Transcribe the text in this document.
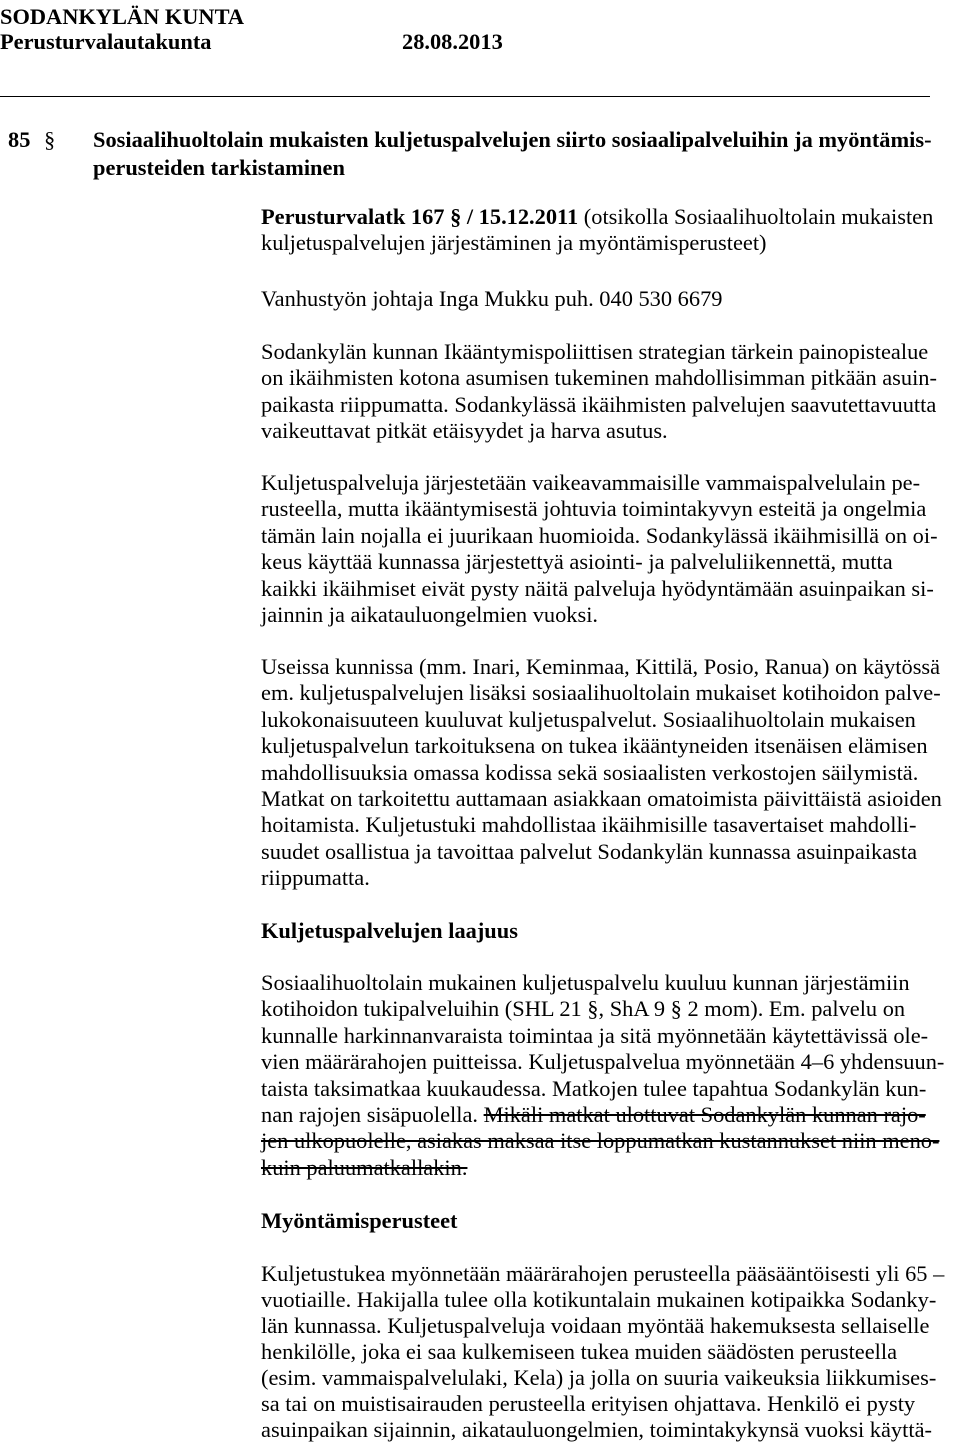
SODANKYLÄN KUNTA
Perusturvalautakunta	28.08.2013
85 § Sosiaalihuoltolain mukaisten kuljetuspalvelujen siirto sosiaalipalveluihin ja myöntämis-
perusteiden tarkistaminen
Perusturvalatk 167 § / 15.12.2011 (otsikolla Sosiaalihuoltolain mukaisten
kuljetuspalvelujen järjestäminen ja myöntämisperusteet)
Vanhustyön johtaja Inga Mukku puh. 040 530 6679
Sodankylän kunnan Ikääntymispoliittisen strategian tärkein painopistealue
on ikäihmisten kotona asumisen tukeminen mahdollisimman pitkään asuin-
paikasta riippumatta. Sodankylässä ikäihmisten palvelujen saavutettavuutta
vaikeuttavat pitkät etäisyydet ja harva asutus.
Kuljetuspalveluja järjestetään vaikeavammaisille vammaispalvelulain pe-
rusteella, mutta ikääntymisestä johtuvia toimintakyvyn esteitä ja ongelmia
tämän lain nojalla ei juurikaan huomioida. Sodankylässä ikäihmisillä on oi-
keus käyttää kunnassa järjestettyä asiointi- ja palveluliikennettä, mutta
kaikki ikäihmiset eivät pysty näitä palveluja hyödyntämään asuinpaikan si-
jainnin ja aikatauluongelmien vuoksi.
Useissa kunnissa (mm. Inari, Keminmaa, Kittilä, Posio, Ranua) on käytössä
em. kuljetuspalvelujen lisäksi sosiaalihuoltolain mukaiset kotihoidon palve-
lukokonaisuuteen kuuluvat kuljetuspalvelut. Sosiaalihuoltolain mukaisen
kuljetuspalvelun tarkoituksena on tukea ikääntyneiden itsenäisen elämisen
mahdollisuuksia omassa kodissa sekä sosiaalisten verkostojen säilymistä.
Matkat on tarkoitettu auttamaan asiakkaan omatoimista päivittäistä asioiden
hoitamista. Kuljetustuki mahdollistaa ikäihmisille tasavertaiset mahdolli-
suudet osallistua ja tavoittaa palvelut Sodankylän kunnassa asuinpaikasta
riippumatta.
Kuljetuspalvelujen laajuus
Sosiaalihuoltolain mukainen kuljetuspalvelu kuuluu kunnan järjestämiin
kotihoidon tukipalveluihin (SHL 21 §, ShA 9 § 2 mom). Em. palvelu on
kunnalle harkinnanvaraista toimintaa ja sitä myönnetään käytettävissä ole-
vien määrärahojen puitteissa. Kuljetuspalvelua myönnetään 4–6 yhdensuun-
taista taksimatkaa kuukaudessa. Matkojen tulee tapahtua Sodankylän kun-
nan rajojen sisäpuolella. Mikäli matkat ulottuvat Sodankylän kunnan rajo-
jen ulkopuolelle, asiakas maksaa itse loppumatkan kustannukset niin meno-
kuin paluumatkallakin.
Myöntämisperusteet
Kuljetustukea myönnetään määrärahojen perusteella pääsääntöisesti yli 65 –
vuotiaille. Hakijalla tulee olla kotikuntalain mukainen kotipaikka Sodanky-
län kunnassa. Kuljetuspalveluja voidaan myöntää hakemuksesta sellaiselle
henkilölle, joka ei saa kulkemiseen tukea muiden säädösten perusteella
(esim. vammaispalvelulaki, Kela) ja jolla on suuria vaikeuksia liikkumises-
sa tai on muistisairauden perusteella erityisen ohjattava. Henkilö ei pysty
asuinpaikan sijainnin, aikatauluongelmien, toimintakykynsä vuoksi käyttä-
